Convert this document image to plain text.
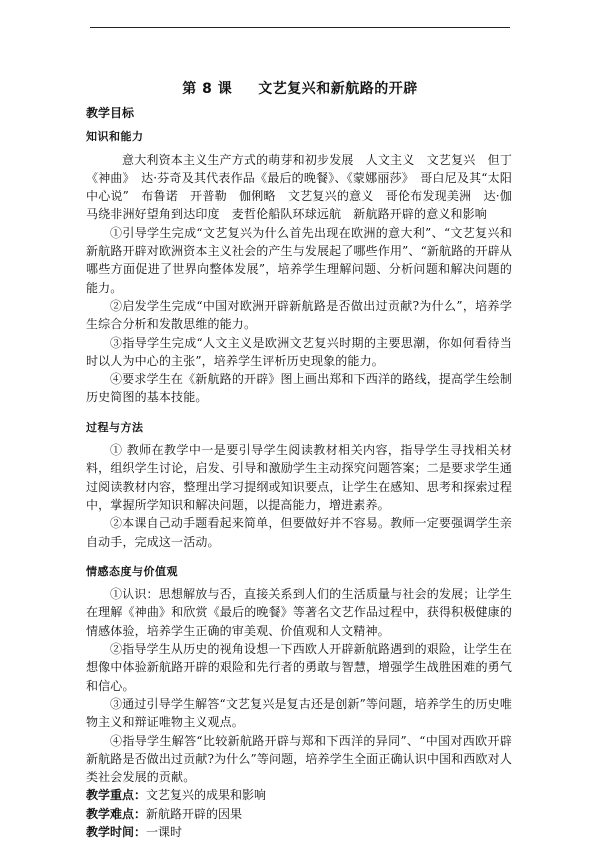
第 8 课 文艺复兴和新航路的开辟
教学目标
知识和能力

意大利资本主义生产方式的萌芽和初步发展　人文主义　文艺复兴　但丁　《神曲》　达·芬奇及其代表作品《最后的晚餐》、《蒙娜丽莎》　哥白尼及其“太阳中心说”　布鲁诺　开普勒　伽俐略　文艺复兴的意义　哥伦布发现美洲　达·伽马绕非洲好望角到达印度　麦哲伦船队环球远航　新航路开辟的意义和影响

①引导学生完成“文艺复兴为什么首先出现在欧洲的意大利”、“文艺复兴和新航路开辟对欧洲资本主义社会的产生与发展起了哪些作用”、“新航路的开辟从哪些方面促进了世界向整体发展”，培养学生理解问题、分析问题和解决问题的能力。

②启发学生完成“中国对欧洲开辟新航路是否做出过贡献?为什么”，培养学生综合分析和发散思维的能力。

③指导学生完成“人文主义是欧洲文艺复兴时期的主要思潮，你如何看待当时以人为中心的主张”，培养学生评析历史现象的能力。

④要求学生在《新航路的开辟》图上画出郑和下西洋的路线，提高学生绘制历史简图的基本技能。

过程与方法

① 教师在教学中一是要引导学生阅读教材相关内容，指导学生寻找相关材料，组织学生讨论，启发、引导和激励学生主动探究问题答案；二是要求学生通过阅读教材内容，整理出学习提纲或知识要点，让学生在感知、思考和探索过程中，掌握所学知识和解决问题，以提高能力，增进素养。

②本课自己动手题看起来简单，但要做好并不容易。教师一定要强调学生亲自动手，完成这一活动。

情感态度与价值观

①认识：思想解放与否，直接关系到人们的生活质量与社会的发展；让学生在理解《神曲》和欣赏《最后的晚餐》等著名文艺作品过程中，获得积极健康的情感体验，培养学生正确的审美观、价值观和人文精神。

②指导学生从历史的视角设想一下西欧人开辟新航路遇到的艰险，让学生在想像中体验新航路开辟的艰险和先行者的勇敢与智慧，增强学生战胜困难的勇气和信心。

③通过引导学生解答“文艺复兴是复古还是创新”等问题，培养学生的历史唯物主义和辩证唯物主义观点。

④指导学生解答“比较新航路开辟与郑和下西洋的异同”、“中国对西欧开辟新航路是否做出过贡献?为什么”等问题，培养学生全面正确认识中国和西欧对人类社会发展的贡献。

教学重点：文艺复兴的成果和影响

教学难点：新航路开辟的因果

教学时间：一课时
